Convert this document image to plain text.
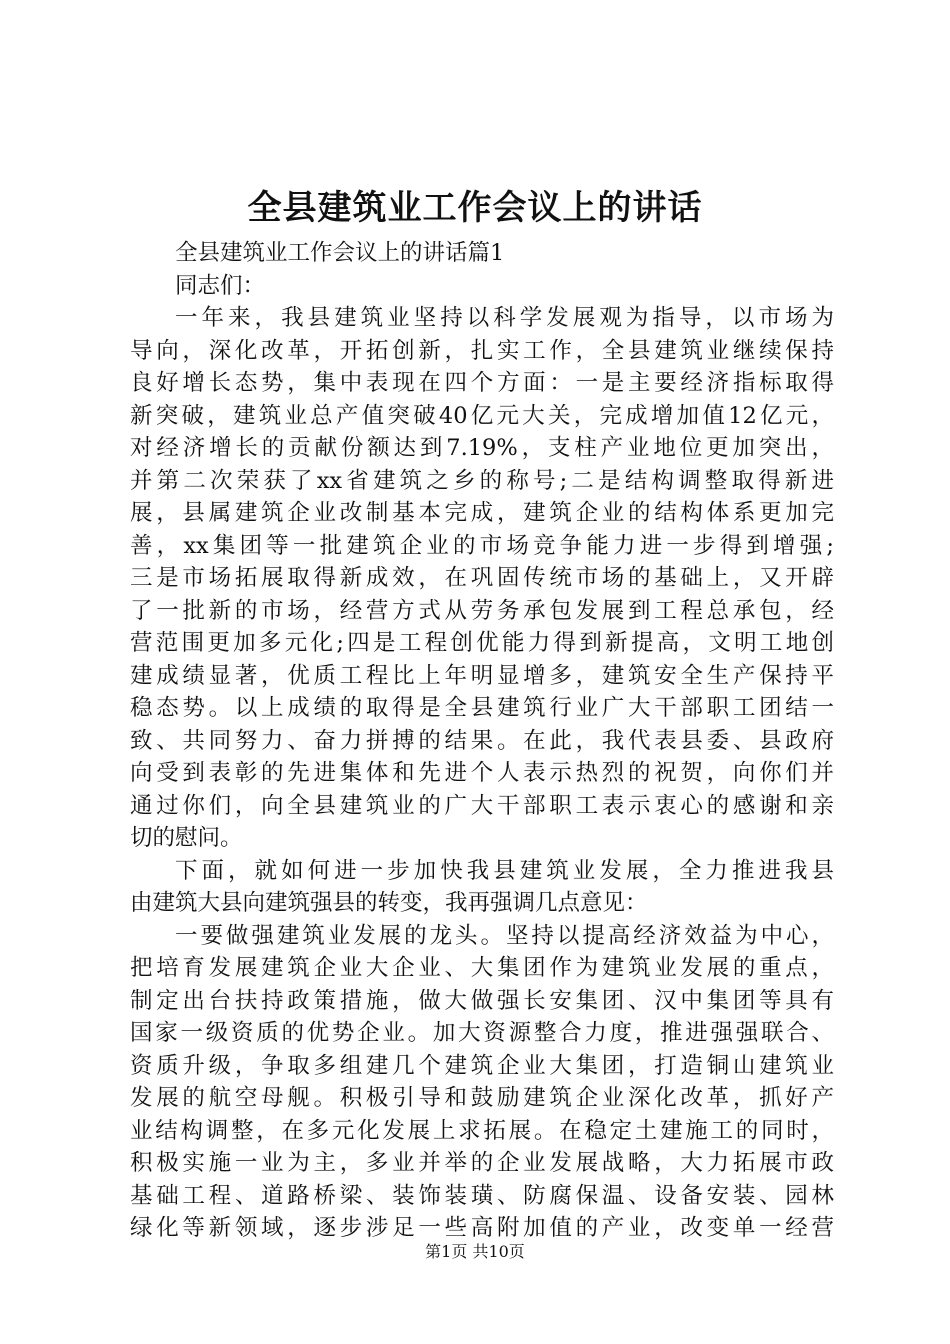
全县建筑业工作会议上的讲话
全县建筑业工作会议上的讲话篇1
同志们：
一年来，我县建筑业坚持以科学发展观为指导，以市场为
导向，深化改革，开拓创新，扎实工作，全县建筑业继续保持
良好增长态势，集中表现在四个方面：一是主要经济指标取得
新突破，建筑业总产值突破40亿元大关，完成增加值12亿元，
对经济增长的贡献份额达到7.19%，支柱产业地位更加突出，
并第二次荣获了xx省建筑之乡的称号;二是结构调整取得新进
展，县属建筑企业改制基本完成，建筑企业的结构体系更加完
善，xx集团等一批建筑企业的市场竞争能力进一步得到增强;
三是市场拓展取得新成效，在巩固传统市场的基础上，又开辟
了一批新的市场，经营方式从劳务承包发展到工程总承包，经
营范围更加多元化;四是工程创优能力得到新提高，文明工地创
建成绩显著，优质工程比上年明显增多，建筑安全生产保持平
稳态势。以上成绩的取得是全县建筑行业广大干部职工团结一
致、共同努力、奋力拼搏的结果。在此，我代表县委、县政府
向受到表彰的先进集体和先进个人表示热烈的祝贺，向你们并
通过你们，向全县建筑业的广大干部职工表示衷心的感谢和亲
切的慰问。
下面，就如何进一步加快我县建筑业发展，全力推进我县
由建筑大县向建筑强县的转变，我再强调几点意见：
一要做强建筑业发展的龙头。坚持以提高经济效益为中心，
把培育发展建筑企业大企业、大集团作为建筑业发展的重点，
制定出台扶持政策措施，做大做强长安集团、汉中集团等具有
国家一级资质的优势企业。加大资源整合力度，推进强强联合、
资质升级，争取多组建几个建筑企业大集团，打造铜山建筑业
发展的航空母舰。积极引导和鼓励建筑企业深化改革，抓好产
业结构调整，在多元化发展上求拓展。在稳定土建施工的同时，
积极实施一业为主，多业并举的企业发展战略，大力拓展市政
基础工程、道路桥梁、装饰装璜、防腐保温、设备安装、园林
绿化等新领域，逐步涉足一些高附加值的产业，改变单一经营
第1页 共10页
